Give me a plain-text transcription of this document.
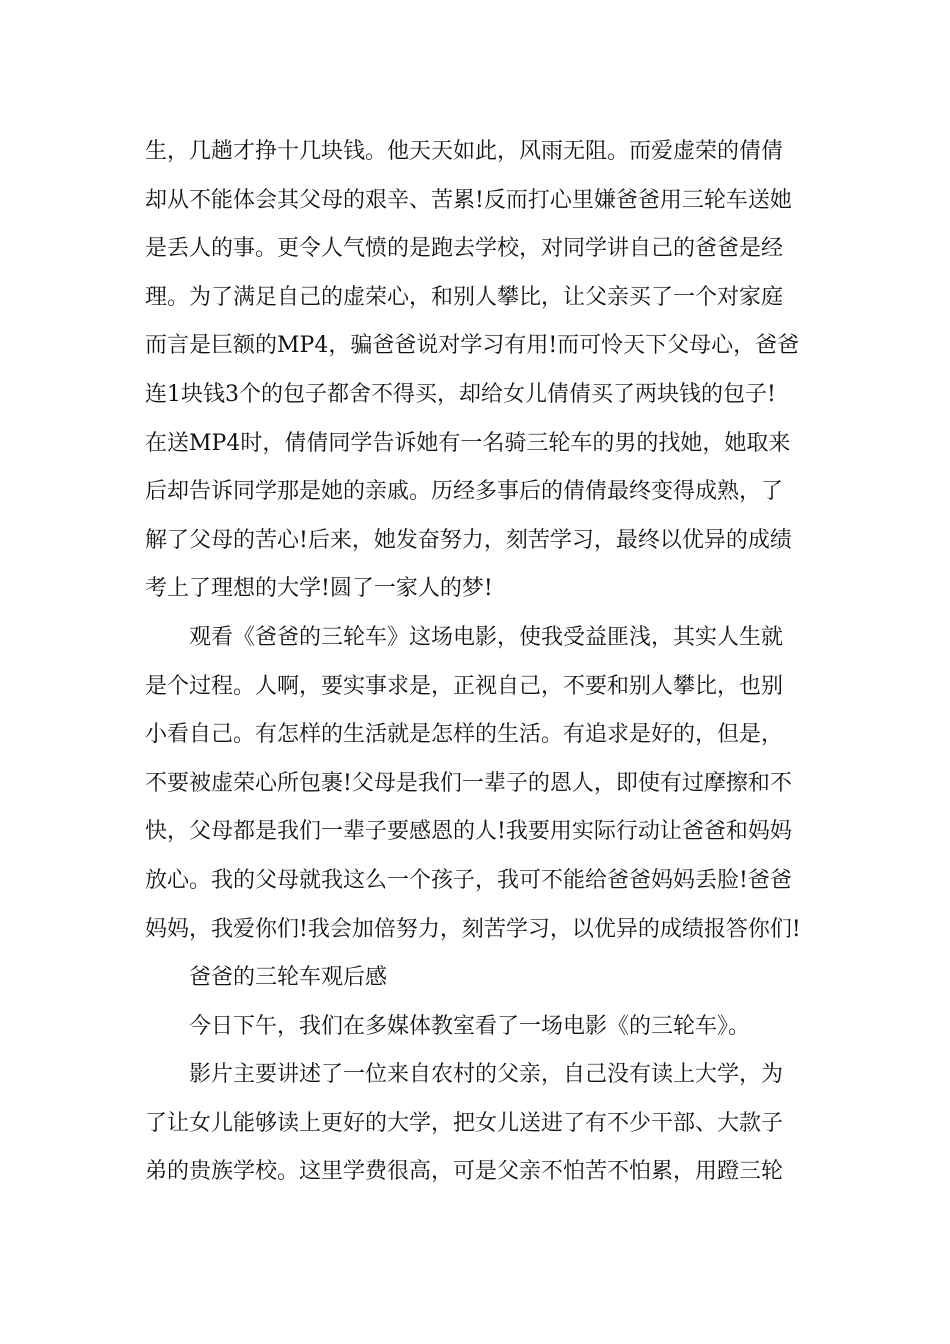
生，几趟才挣十几块钱。他天天如此，风雨无阻。而爱虚荣的倩倩
却从不能体会其父母的艰辛、苦累!反而打心里嫌爸爸用三轮车送她
是丢人的事。更令人气愤的是跑去学校，对同学讲自己的爸爸是经
理。为了满足自己的虚荣心，和别人攀比，让父亲买了一个对家庭
而言是巨额的MP4，骗爸爸说对学习有用!而可怜天下父母心，爸爸
连1块钱3个的包子都舍不得买，却给女儿倩倩买了两块钱的包子!
在送MP4时，倩倩同学告诉她有一名骑三轮车的男的找她，她取来
后却告诉同学那是她的亲戚。历经多事后的倩倩最终变得成熟，了
解了父母的苦心!后来，她发奋努力，刻苦学习，最终以优异的成绩
考上了理想的大学!圆了一家人的梦!

　　观看《爸爸的三轮车》这场电影，使我受益匪浅，其实人生就
是个过程。人啊，要实事求是，正视自己，不要和别人攀比，也别
小看自己。有怎样的生活就是怎样的生活。有追求是好的，但是，
不要被虚荣心所包裹!父母是我们一辈子的恩人，即使有过摩擦和不
快，父母都是我们一辈子要感恩的人!我要用实际行动让爸爸和妈妈
放心。我的父母就我这么一个孩子，我可不能给爸爸妈妈丢脸!爸爸
妈妈，我爱你们!我会加倍努力，刻苦学习，以优异的成绩报答你们!

　　爸爸的三轮车观后感

　　今日下午，我们在多媒体教室看了一场电影《的三轮车》。

　　影片主要讲述了一位来自农村的父亲，自己没有读上大学，为
了让女儿能够读上更好的大学，把女儿送进了有不少干部、大款子
弟的贵族学校。这里学费很高，可是父亲不怕苦不怕累，用蹬三轮
